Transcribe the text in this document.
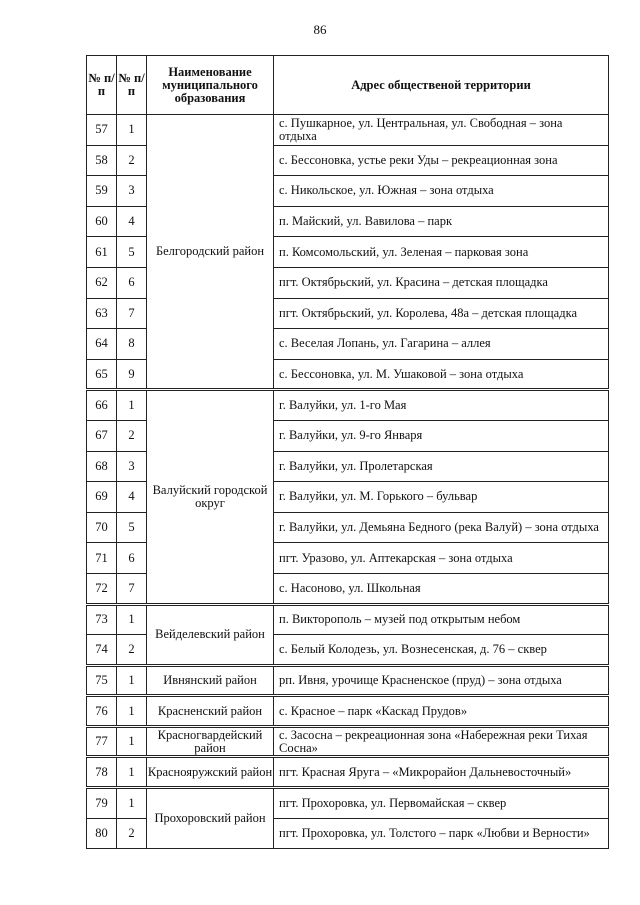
86
№ п/п	№ п/п	Наименование муниципального образования	Адрес общественой территории
57	1	Белгородский район	с. Пушкарное, ул. Центральная, ул. Свободная – зона отдыха
58	2		с. Бессоновка, устье реки Уды – рекреационная зона
59	3		с. Никольское, ул. Южная – зона отдыха
60	4		п. Майский, ул. Вавилова – парк
61	5		п. Комсомольский, ул. Зеленая – парковая зона
62	6		пгт. Октябрьский, ул. Красина – детская площадка
63	7		пгт. Октябрьский, ул. Королева, 48а – детская площадка
64	8		с. Веселая Лопань, ул. Гагарина – аллея
65	9		с. Бессоновка, ул. М. Ушаковой – зона отдыха
66	1	Валуйский городской округ	г. Валуйки, ул. 1-го Мая
67	2		г. Валуйки, ул. 9-го Января
68	3		г. Валуйки, ул. Пролетарская
69	4		г. Валуйки, ул. М. Горького – бульвар
70	5		г. Валуйки, ул. Демьяна Бедного (река Валуй) – зона отдыха
71	6		пгт. Уразово, ул. Аптекарская – зона отдыха
72	7		с. Насоново, ул. Школьная
73	1	Вейделевский район	п. Викторополь – музей под открытым небом
74	2		с. Белый Колодезь, ул. Вознесенская, д. 76 – сквер
75	1	Ивнянский район	рп. Ивня, урочище Красненское (пруд) – зона отдыха
76	1	Красненский район	с. Красное – парк «Каскад Прудов»
77	1	Красногвардейский район	с. Засосна – рекреационная зона «Набережная реки Тихая Сосна»
78	1	Краснояружский район	пгт. Красная Яруга – «Микрорайон Дальневосточный»
79	1	Прохоровский район	пгт. Прохоровка, ул. Первомайская – сквер
80	2		пгт. Прохоровка, ул. Толстого – парк «Любви и Верности»
